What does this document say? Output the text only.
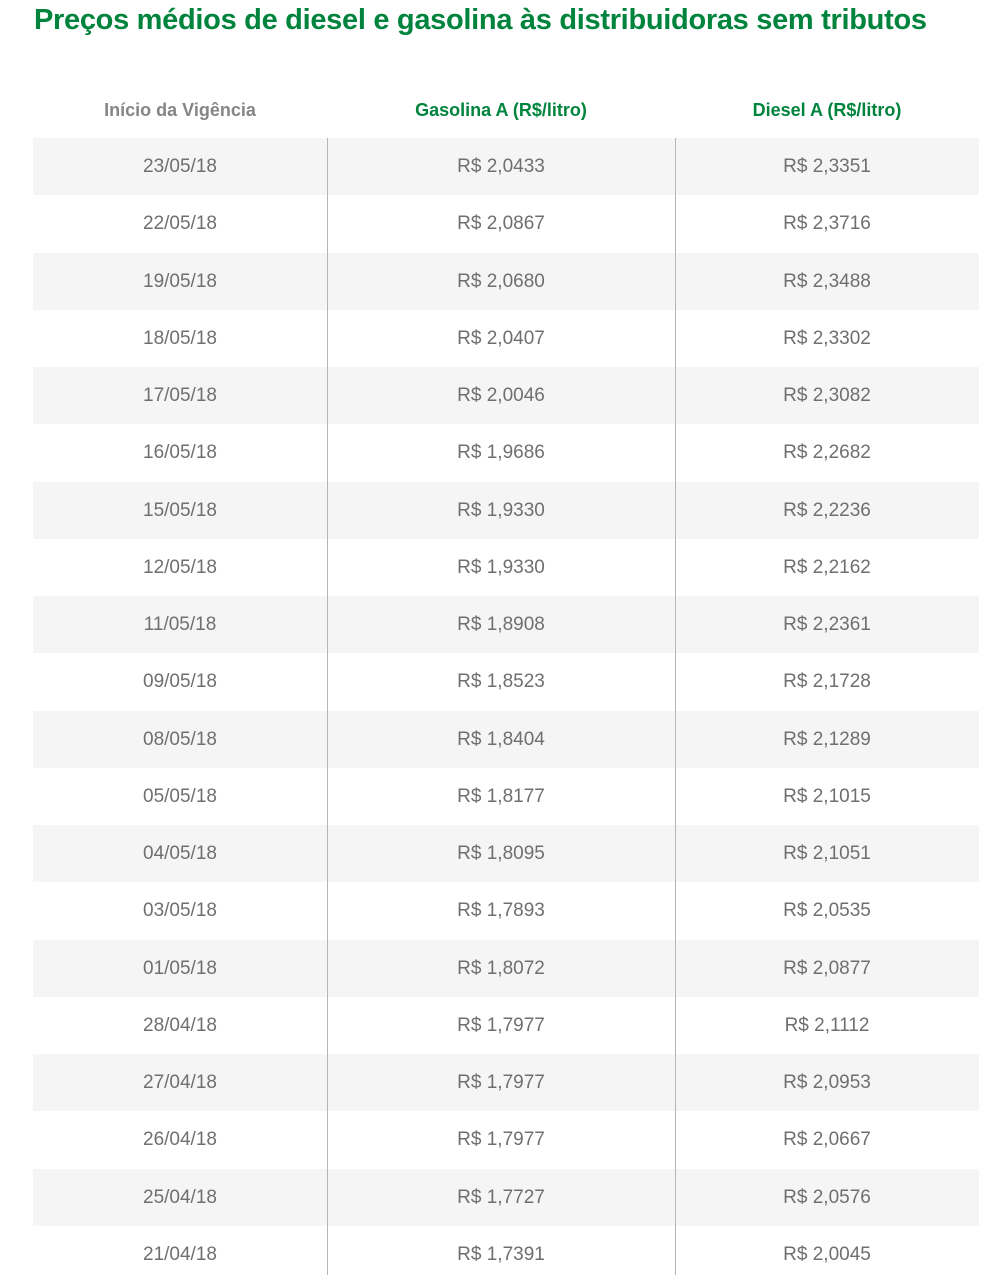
Preços médios de diesel e gasolina às distribuidoras sem tributos
Início da Vigência	Gasolina A (R$/litro)	Diesel A (R$/litro)
23/05/18	R$ 2,0433	R$ 2,3351
22/05/18	R$ 2,0867	R$ 2,3716
19/05/18	R$ 2,0680	R$ 2,3488
18/05/18	R$ 2,0407	R$ 2,3302
17/05/18	R$ 2,0046	R$ 2,3082
16/05/18	R$ 1,9686	R$ 2,2682
15/05/18	R$ 1,9330	R$ 2,2236
12/05/18	R$ 1,9330	R$ 2,2162
11/05/18	R$ 1,8908	R$ 2,2361
09/05/18	R$ 1,8523	R$ 2,1728
08/05/18	R$ 1,8404	R$ 2,1289
05/05/18	R$ 1,8177	R$ 2,1015
04/05/18	R$ 1,8095	R$ 2,1051
03/05/18	R$ 1,7893	R$ 2,0535
01/05/18	R$ 1,8072	R$ 2,0877
28/04/18	R$ 1,7977	R$ 2,1112
27/04/18	R$ 1,7977	R$ 2,0953
26/04/18	R$ 1,7977	R$ 2,0667
25/04/18	R$ 1,7727	R$ 2,0576
21/04/18	R$ 1,7391	R$ 2,0045
